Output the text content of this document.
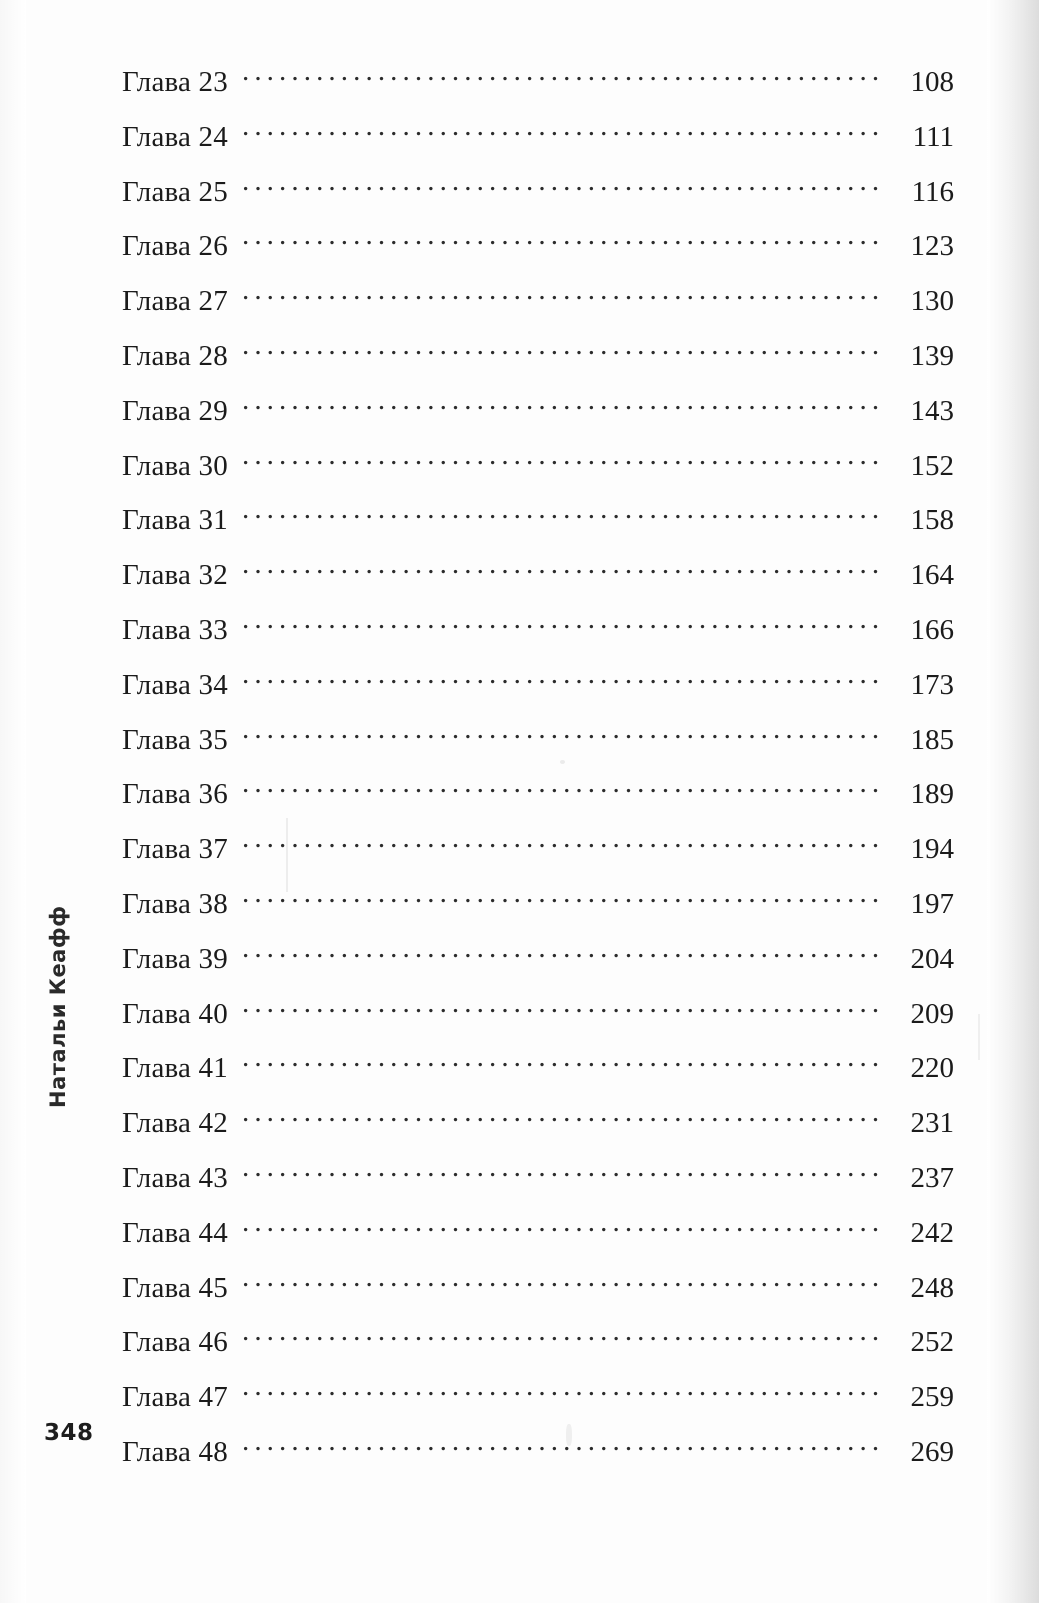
Натальи Кеафф
348
Глава 23 .....	108
Глава 24 .....	111
Глава 25 .....	116
Глава 26 .....	123
Глава 27 .....	130
Глава 28 .....	139
Глава 29 .....	143
Глава 30 .....	152
Глава 31 .....	158
Глава 32 .....	164
Глава 33 .....	166
Глава 34 .....	173
Глава 35 .....	185
Глава 36 .....	189
Глава 37 .....	194
Глава 38 .....	197
Глава 39 .....	204
Глава 40 .....	209
Глава 41 .....	220
Глава 42 .....	231
Глава 43 .....	237
Глава 44 .....	242
Глава 45 .....	248
Глава 46 .....	252
Глава 47 .....	259
Глава 48 .....	269
